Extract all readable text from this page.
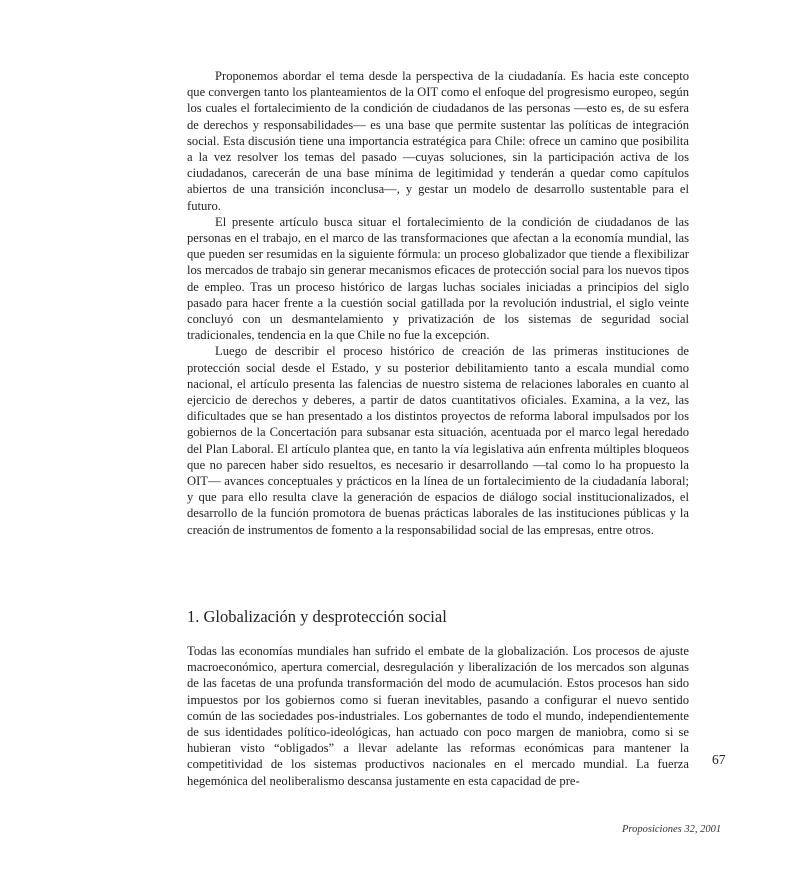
Proponemos abordar el tema desde la perspectiva de la ciudadanía. Es hacia este concepto que convergen tanto los planteamientos de la OIT como el enfoque del progresismo europeo, según los cuales el fortalecimiento de la condición de ciudadanos de las personas —esto es, de su esfera de derechos y responsabilidades— es una base que permite sustentar las políticas de integración social. Esta discusión tiene una importancia estratégica para Chile: ofrece un camino que posibilita a la vez resolver los temas del pasado —cuyas soluciones, sin la participación activa de los ciudadanos, carecerán de una base mínima de legitimidad y tenderán a quedar como capítulos abiertos de una transición inconclusa—, y gestar un modelo de desarrollo sustentable para el futuro.

El presente artículo busca situar el fortalecimiento de la condición de ciudadanos de las personas en el trabajo, en el marco de las transformaciones que afectan a la economía mundial, las que pueden ser resumidas en la siguiente fórmula: un proceso globalizador que tiende a flexibilizar los mercados de trabajo sin generar mecanismos eficaces de protección social para los nuevos tipos de empleo. Tras un proceso histórico de largas luchas sociales iniciadas a principios del siglo pasado para hacer frente a la cuestión social gatillada por la revolución industrial, el siglo veinte concluyó con un desmantelamiento y privatización de los sistemas de seguridad social tradicionales, tendencia en la que Chile no fue la excepción.

Luego de describir el proceso histórico de creación de las primeras instituciones de protección social desde el Estado, y su posterior debilitamiento tanto a escala mundial como nacional, el artículo presenta las falencias de nuestro sistema de relaciones laborales en cuanto al ejercicio de derechos y deberes, a partir de datos cuantitativos oficiales. Examina, a la vez, las dificultades que se han presentado a los distintos proyectos de reforma laboral impulsados por los gobiernos de la Concertación para subsanar esta situación, acentuada por el marco legal heredado del Plan Laboral. El artículo plantea que, en tanto la vía legislativa aún enfrenta múltiples bloqueos que no parecen haber sido resueltos, es necesario ir desarrollando —tal como lo ha propuesto la OIT— avances conceptuales y prácticos en la línea de un fortalecimiento de la ciudadanía laboral; y que para ello resulta clave la generación de espacios de diálogo social institucionalizados, el desarrollo de la función promotora de buenas prácticas laborales de las instituciones públicas y la creación de instrumentos de fomento a la responsabilidad social de las empresas, entre otros.

1. Globalización y desprotección social

Todas las economías mundiales han sufrido el embate de la globalización. Los procesos de ajuste macroeconómico, apertura comercial, desregulación y liberalización de los mercados son algunas de las facetas de una profunda transformación del modo de acumulación. Estos procesos han sido impuestos por los gobiernos como si fueran inevitables, pasando a configurar el nuevo sentido común de las sociedades pos-industriales. Los gobernantes de todo el mundo, independientemente de sus identidades político-ideológicas, han actuado con poco margen de maniobra, como si se hubieran visto “obligados” a llevar adelante las reformas económicas para mantener la competitividad de los sistemas productivos nacionales en el mercado mundial. La fuerza hegemónica del neoliberalismo descansa justamente en esta capacidad de pre-

67
Proposiciones 32, 2001
